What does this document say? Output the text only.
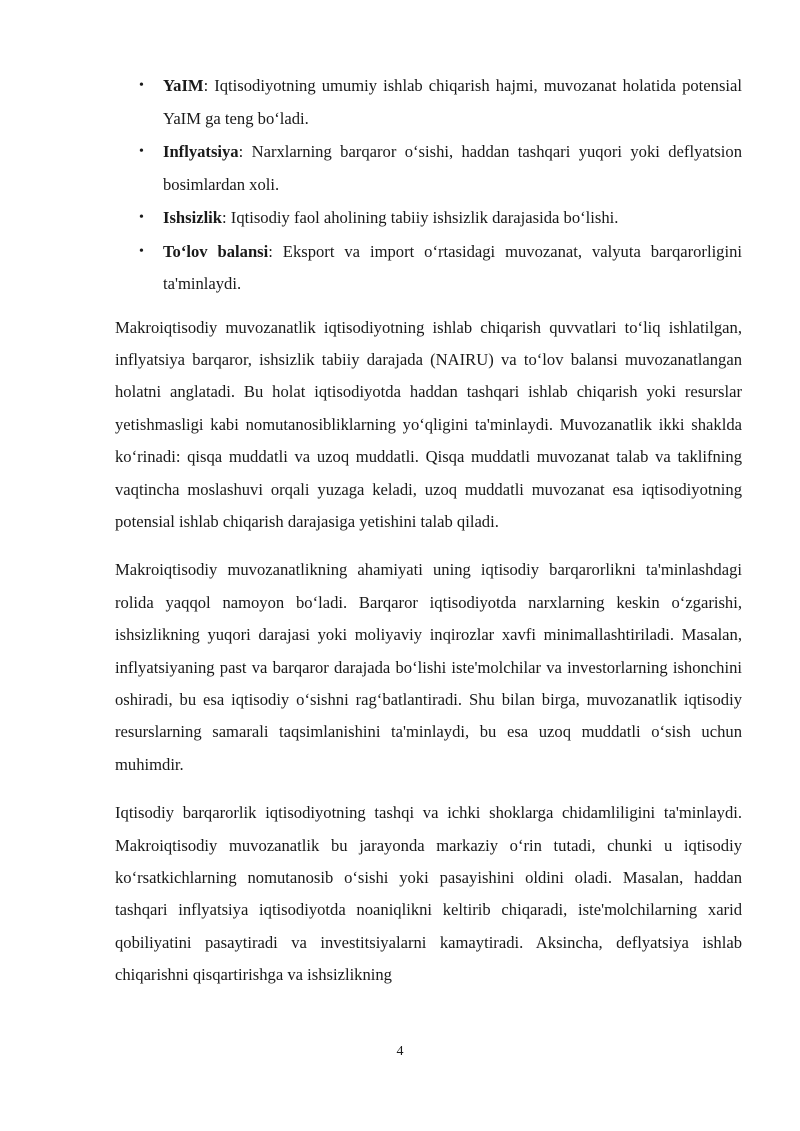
• YaIM: Iqtisodiyotning umumiy ishlab chiqarish hajmi, muvozanat holatida potensial YaIM ga teng bo‘ladi.
• Inflyatsiya: Narxlarning barqaror o‘sishi, haddan tashqari yuqori yoki deflyatsion bosimlardan xoli.
• Ishsizlik: Iqtisodiy faol aholining tabiiy ishsizlik darajasida bo‘lishi.
• To‘lov balansi: Eksport va import o‘rtasidagi muvozanat, valyuta barqarorligini ta'minlaydi.

Makroiqtisodiy muvozanatlik iqtisodiyotning ishlab chiqarish quvvatlari to‘liq ishlatilgan, inflyatsiya barqaror, ishsizlik tabiiy darajada (NAIRU) va to‘lov balansi muvozanatlangan holatni anglatadi. Bu holat iqtisodiyotda haddan tashqari ishlab chiqarish yoki resurslar yetishmasligi kabi nomutanosibliklarning yo‘qligini ta'minlaydi. Muvozanatlik ikki shaklda ko‘rinadi: qisqa muddatli va uzoq muddatli. Qisqa muddatli muvozanat talab va taklifning vaqtincha moslashuvi orqali yuzaga keladi, uzoq muddatli muvozanat esa iqtisodiyotning potensial ishlab chiqarish darajasiga yetishini talab qiladi.

Makroiqtisodiy muvozanatlikning ahamiyati uning iqtisodiy barqarorlikni ta'minlashdagi rolida yaqqol namoyon bo‘ladi. Barqaror iqtisodiyotda narxlarning keskin o‘zgarishi, ishsizlikning yuqori darajasi yoki moliyaviy inqirozlar xavfi minimallashtiriladi. Masalan, inflyatsiyaning past va barqaror darajada bo‘lishi iste'molchilar va investorlarning ishonchini oshiradi, bu esa iqtisodiy o‘sishni rag‘batlantiradi. Shu bilan birga, muvozanatlik iqtisodiy resurslarning samarali taqsimlanishini ta'minlaydi, bu esa uzoq muddatli o‘sish uchun muhimdir.

Iqtisodiy barqarorlik iqtisodiyotning tashqi va ichki shoklarga chidamliligini ta'minlaydi. Makroiqtisodiy muvozanatlik bu jarayonda markaziy o‘rin tutadi, chunki u iqtisodiy ko‘rsatkichlarning nomutanosib o‘sishi yoki pasayishini oldini oladi. Masalan, haddan tashqari inflyatsiya iqtisodiyotda noaniqlikni keltirib chiqaradi, iste'molchilarning xarid qobiliyatini pasaytiradi va investitsiyalarni kamaytiradi. Aksincha, deflyatsiya ishlab chiqarishni qisqartirishga va ishsizlikning

4
